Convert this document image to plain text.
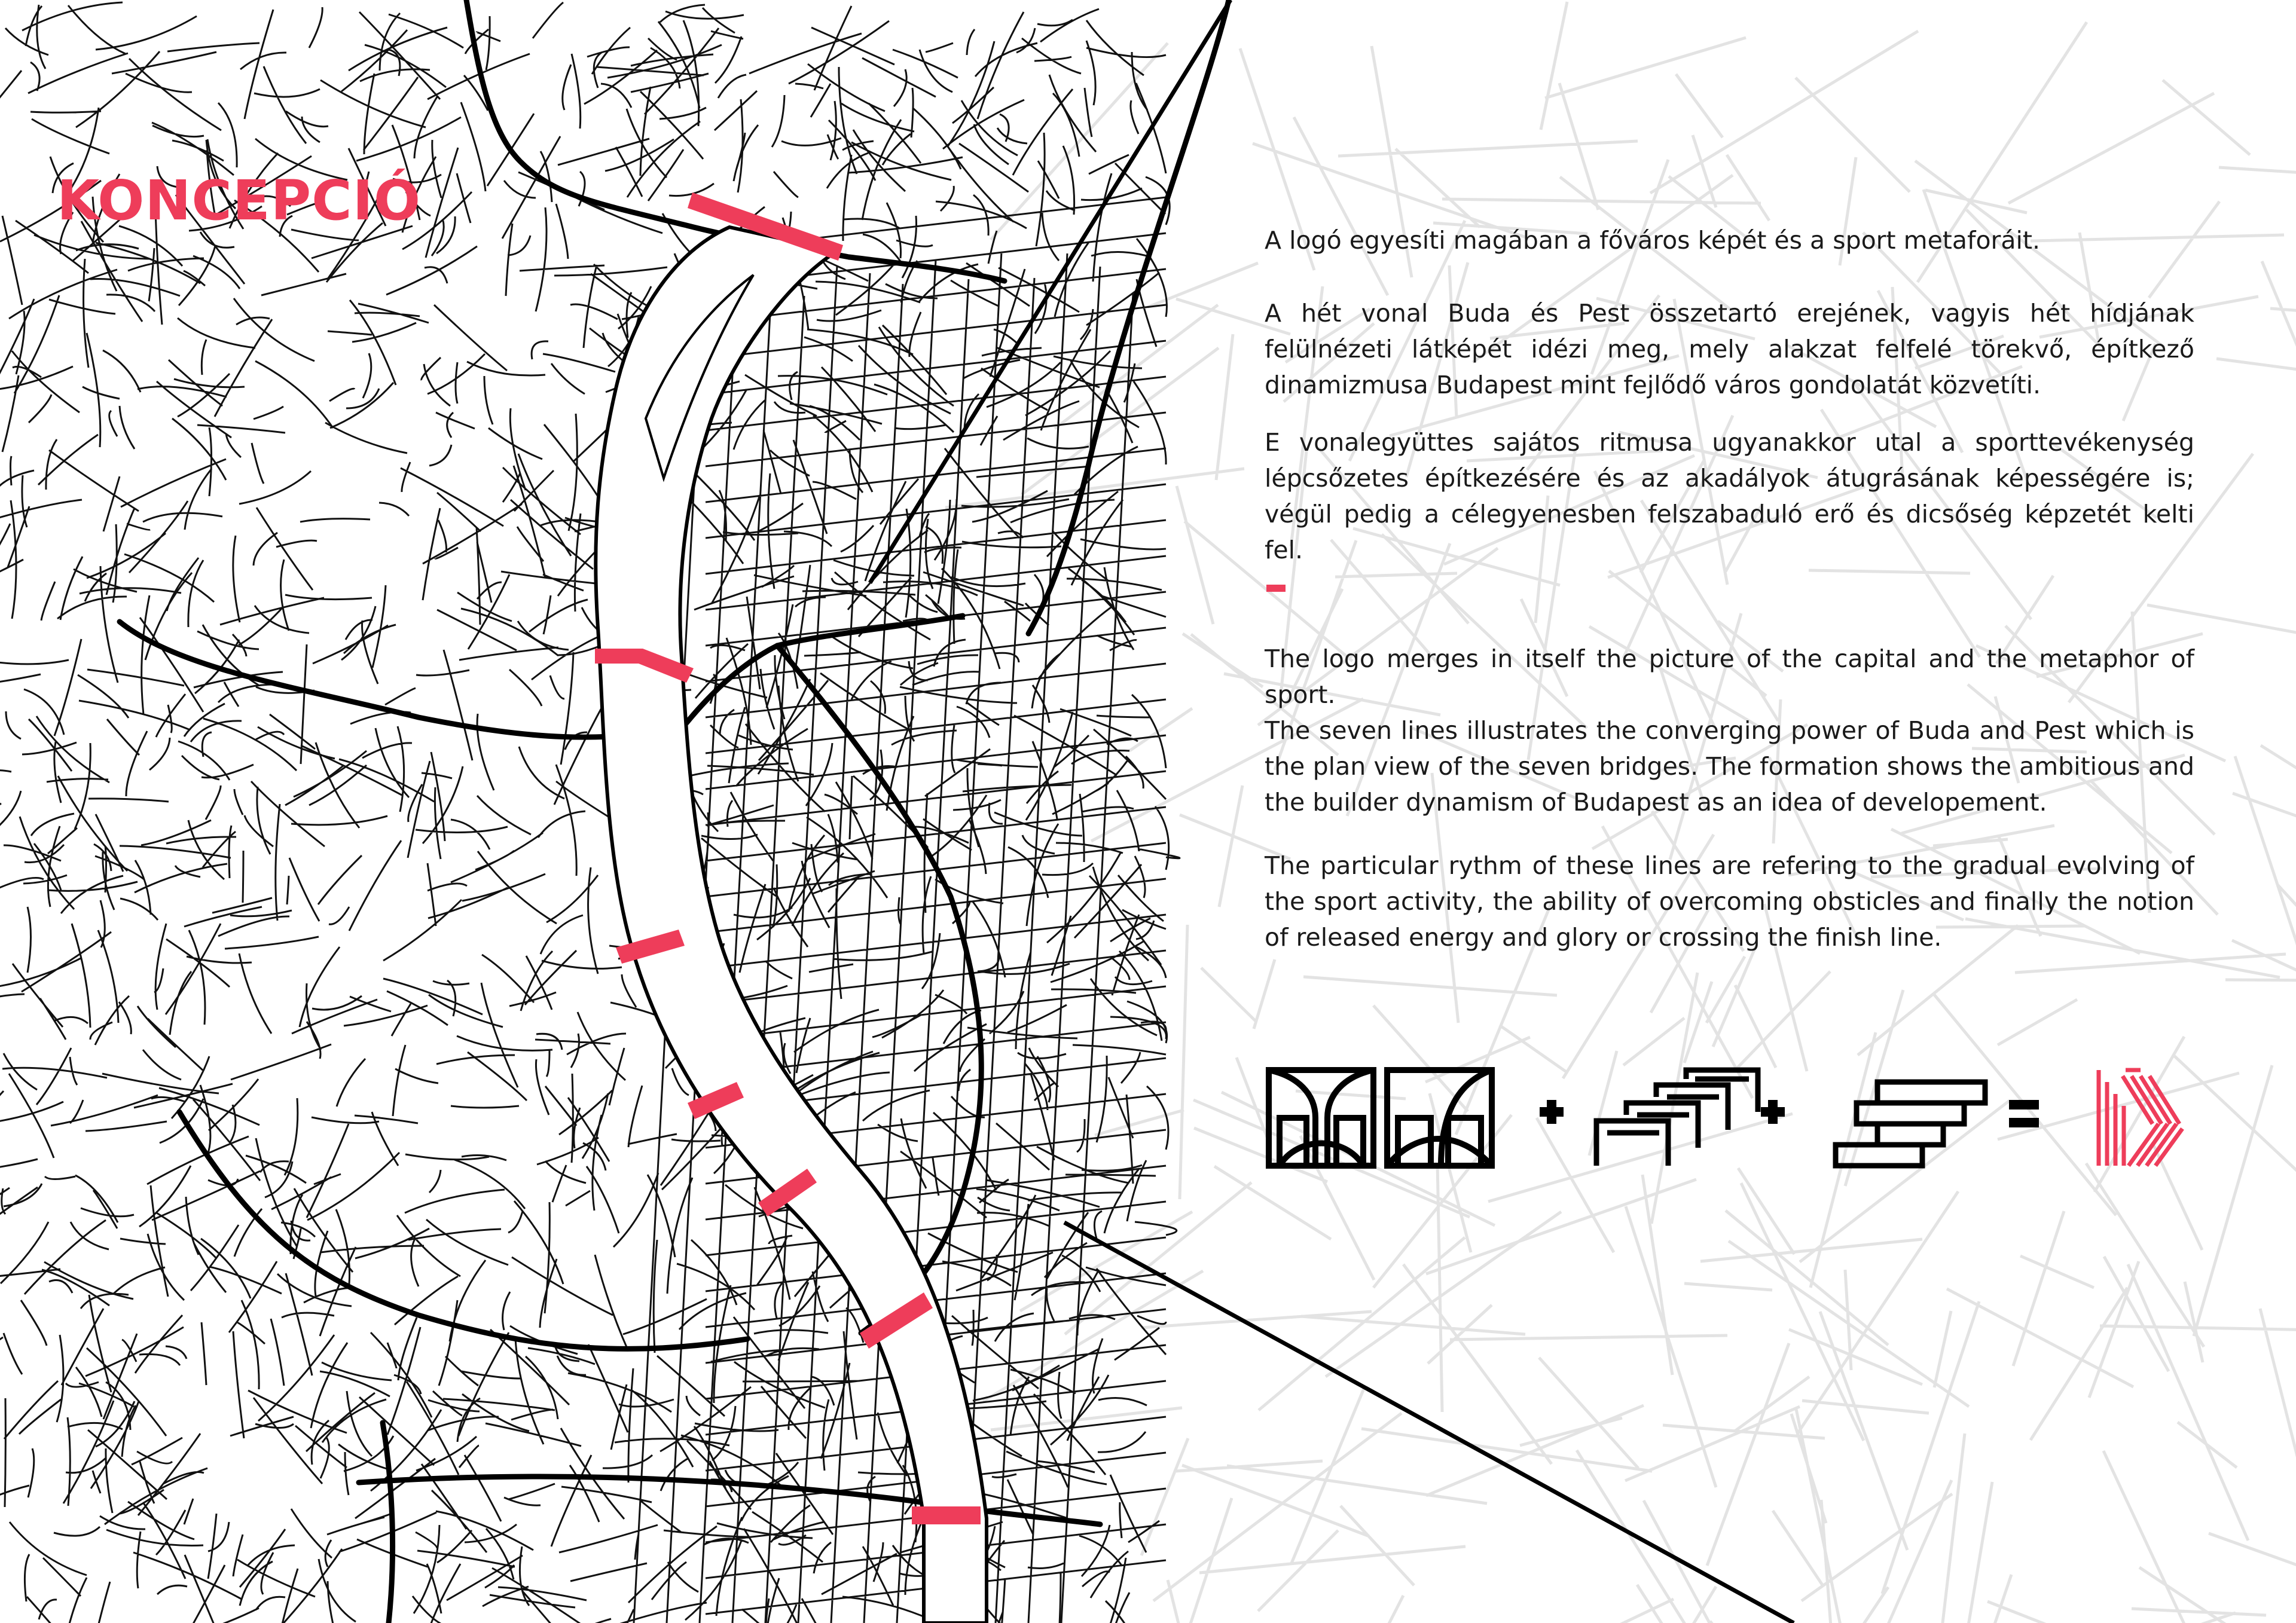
KONCEPCIÓ

A logó egyesíti magában a főváros képét és a sport metaforáit.

A hét vonal Buda és Pest összetartó erejének, vagyis hét hídjának felülnézeti látképét idézi meg, mely alakzat felfelé törekvő, építkező dinamizmusa Budapest mint fejlődő város gondolatát közvetíti.

E vonalegyüttes sajátos ritmusa ugyanakkor utal a sporttevékenység lépcsőzetes építkezésére és az akadályok átugrásának képességére is; végül pedig a célegyenesben felszabaduló erő és dicsőség képzetét kelti fel.

The logo merges in itself the picture of the capital and the metaphor of sport.

The seven lines illustrates the converging power of Buda and Pest which is the plan view of the seven bridges. The formation shows the ambitious and the builder dynamism of Budapest as an idea of developement.

The particular rythm of these lines are refering to the gradual evolving of the sport activity, the ability of overcoming obsticles and finally the notion of released energy and glory or crossing the finish line.
